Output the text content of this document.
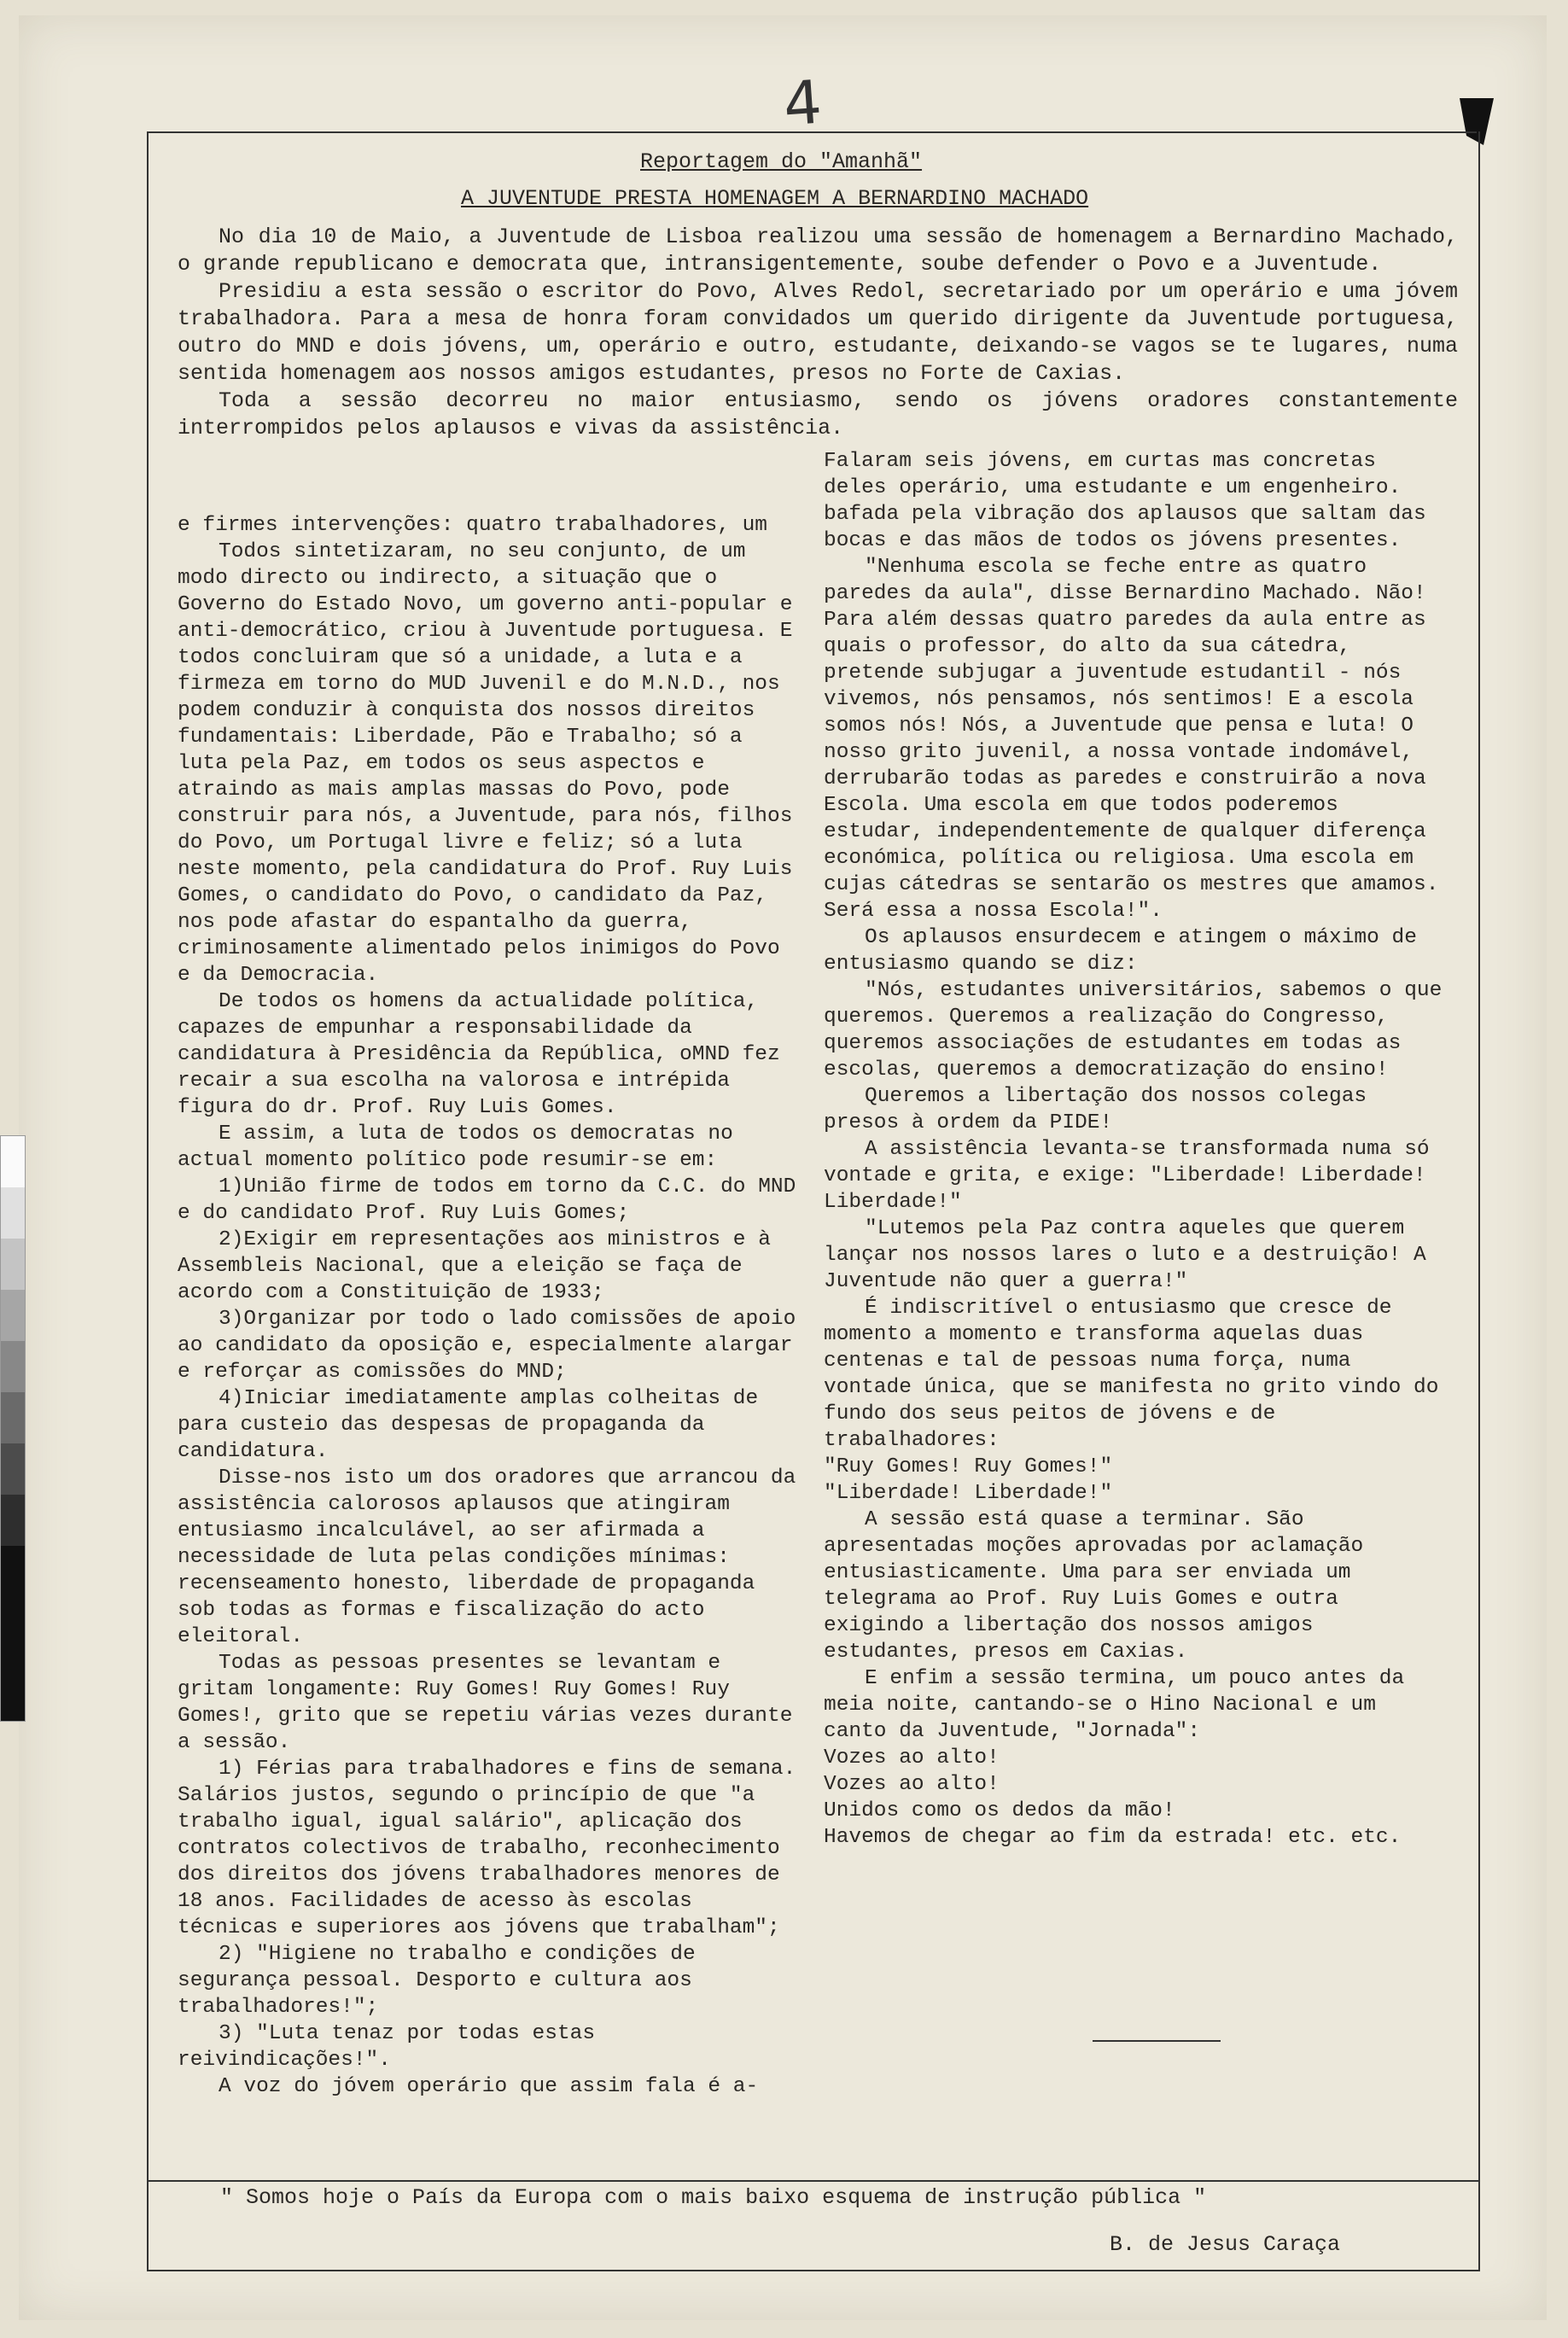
4
Reportagem do "Amanhã"
A JUVENTUDE PRESTA HOMENAGEM A BERNARDINO MACHADO

No dia 10 de Maio, a Juventude de Lisboa realizou uma sessão de homenagem a Bernardino Machado, o grande republicano e democrata que, intransigentemente, soube defender o Povo e a Juventude.

Presidiu a esta sessão o escritor do Povo, Alves Redol, secretariado por um operário e uma jóvem trabalhadora. Para a mesa de honra foram convidados um querido dirigente da Juventude portuguesa, outro do MND e dois jóvens, um, operário e outro, estudante, deixando-se vagos se te lugares, numa sentida homenagem aos nossos amigos estudantes, presos no Forte de Caxias.

Toda a sessão decorreu no maior entusiasmo, sendo os jóvens oradores constantemente interrompidos pelos aplausos e vivas da assistência.

e firmes intervenções: quatro trabalhadores, um

Todos sintetizaram, no seu conjunto, de um modo directo ou indirecto, a situação que o Governo do Estado Novo, um governo anti-popular e anti-democrático, criou à Juventude portuguesa. E todos concluiram que só a unidade, a luta e a firmeza em torno do MUD Juvenil e do M.N.D., nos podem conduzir à conquista dos nossos direitos fundamentais: Liberdade, Pão e Trabalho; só a luta pela Paz, em todos os seus aspectos e atraindo as mais amplas massas do Povo, pode construir para nós, a Juventude, para nós, filhos do Povo, um Portugal livre e feliz; só a luta neste momento, pela candidatura do Prof. Ruy Luis Gomes, o candidato do Povo, o candidato da Paz, nos pode afastar do espantalho da guerra, criminosamente alimentado pelos inimigos do Povo e da Democracia.

De todos os homens da actualidade política, capazes de empunhar a responsabilidade da candidatura à Presidência da República, oMND fez recair a sua escolha na valorosa e intrépida figura do dr. Prof. Ruy Luis Gomes.

E assim, a luta de todos os democratas no actual momento político pode resumir-se em:

1)União firme de todos em torno da C.C. do MND e do candidato Prof. Ruy Luis Gomes;

2)Exigir em representações aos ministros e à Assembleis Nacional, que a eleição se faça de acordo com a Constituição de 1933;

3)Organizar por todo o lado comissões de apoio ao candidato da oposição e, especialmente alargar e reforçar as comissões do MND;

4)Iniciar imediatamente amplas colheitas de para custeio das despesas de propaganda da candidatura.

Disse-nos isto um dos oradores que arrancou da assistência calorosos aplausos que atingiram entusiasmo incalculável, ao ser afirmada a necessidade de luta pelas condições mínimas: recenseamento honesto, liberdade de propaganda sob todas as formas e fiscalização do acto eleitoral.

Todas as pessoas presentes se levantam e gritam longamente: Ruy Gomes! Ruy Gomes! Ruy Gomes!, grito que se repetiu várias vezes durante a sessão.

1) Férias para trabalhadores e fins de semana. Salários justos, segundo o princípio de que "a trabalho igual, igual salário", aplicação dos contratos colectivos de trabalho, reconhecimento dos direitos dos jóvens trabalhadores menores de 18 anos. Facilidades de acesso às escolas técnicas e superiores aos jóvens que trabalham";

2) "Higiene no trabalho e condições de segurança pessoal. Desporto e cultura aos trabalhadores!";

3) "Luta tenaz por todas estas reivindicações!".

A voz do jóvem operário que assim fala é a-

Falaram seis jóvens, em curtas mas concretas

deles operário, uma estudante e um engenheiro.

bafada pela vibração dos aplausos que saltam das bocas e das mãos de todos os jóvens presentes.

"Nenhuma escola se feche entre as quatro paredes da aula", disse Bernardino Machado. Não! Para além dessas quatro paredes da aula entre as quais o professor, do alto da sua cátedra, pretende subjugar a juventude estudantil - nós vivemos, nós pensamos, nós sentimos! E a escola somos nós! Nós, a Juventude que pensa e luta! O nosso grito juvenil, a nossa vontade indomável, derrubarão todas as paredes e construirão a nova Escola. Uma escola em que todos poderemos estudar, independentemente de qualquer diferença económica, política ou religiosa. Uma escola em cujas cátedras se sentarão os mestres que amamos. Será essa a nossa Escola!".

Os aplausos ensurdecem e atingem o máximo de entusiasmo quando se diz:

"Nós, estudantes universitários, sabemos o que queremos. Queremos a realização do Congresso, queremos associações de estudantes em todas as escolas, queremos a democratização do ensino!

Queremos a libertação dos nossos colegas presos à ordem da PIDE!

A assistência levanta-se transformada numa só vontade e grita, e exige: "Liberdade! Liberdade! Liberdade!"

"Lutemos pela Paz contra aqueles que querem lançar nos nossos lares o luto e a destruição! A Juventude não quer a guerra!"

É indiscritível o entusiasmo que cresce de momento a momento e transforma aquelas duas centenas e tal de pessoas numa força, numa vontade única, que se manifesta no grito vindo do fundo dos seus peitos de jóvens e de trabalhadores:

"Ruy Gomes! Ruy Gomes!"

"Liberdade! Liberdade!"

A sessão está quase a terminar. São apresentadas moções aprovadas por aclamação entusiasticamente. Uma para ser enviada um telegrama ao Prof. Ruy Luis Gomes e outra exigindo a libertação dos nossos amigos estudantes, presos em Caxias.

E enfim a sessão termina, um pouco antes da meia noite, cantando-se o Hino Nacional e um canto da Juventude, "Jornada":

Vozes ao alto!

Vozes ao alto!

Unidos como os dedos da mão!

Havemos de chegar ao fim da estrada! etc. etc.

" Somos hoje o País da Europa com o mais baixo esquema de instrução pública "
B. de Jesus Caraça
